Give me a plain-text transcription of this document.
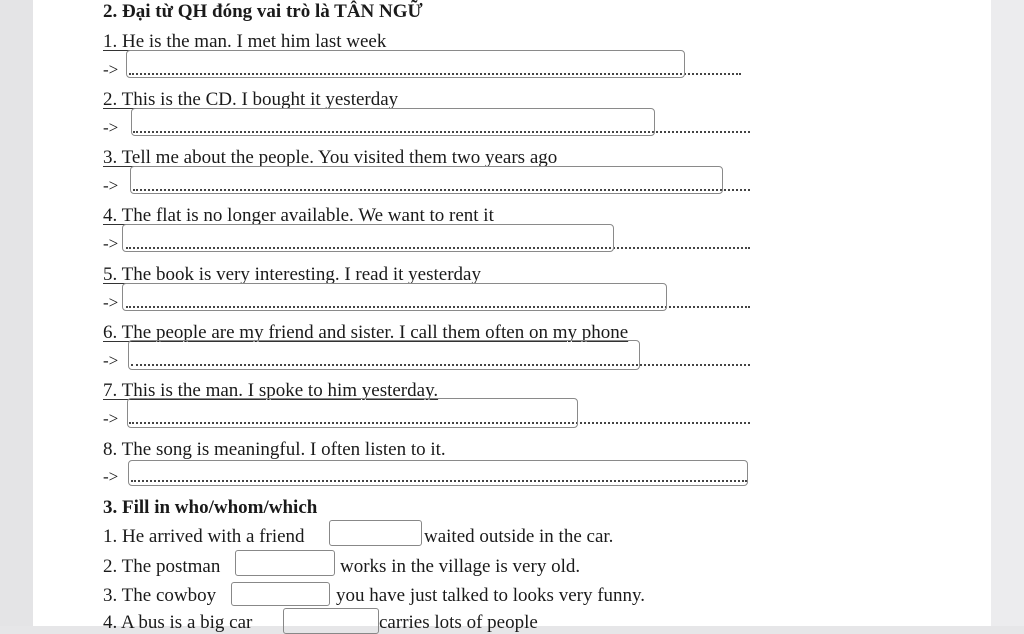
2. Đại từ QH đóng vai trò là TÂN NGỮ
1. He is the man. I met him last week
->
2. This is the CD. I bought it yesterday
->
3. Tell me about the people. You visited them two years ago
->
4. The flat is no longer available. We want to rent it
->
5. The book is very interesting. I read it yesterday
->
6. The people are my friend and sister. I call them often on my phone
->
7. This is the man. I spoke to him yesterday.
->
8. The song is meaningful. I often listen to it.
->
3. Fill in who/whom/which
1. He arrived with a friend	waited outside in the car.
2. The postman	works in the village is very old.
3. The cowboy	you have just talked to looks very funny.
4. A bus is a big car	carries lots of people
